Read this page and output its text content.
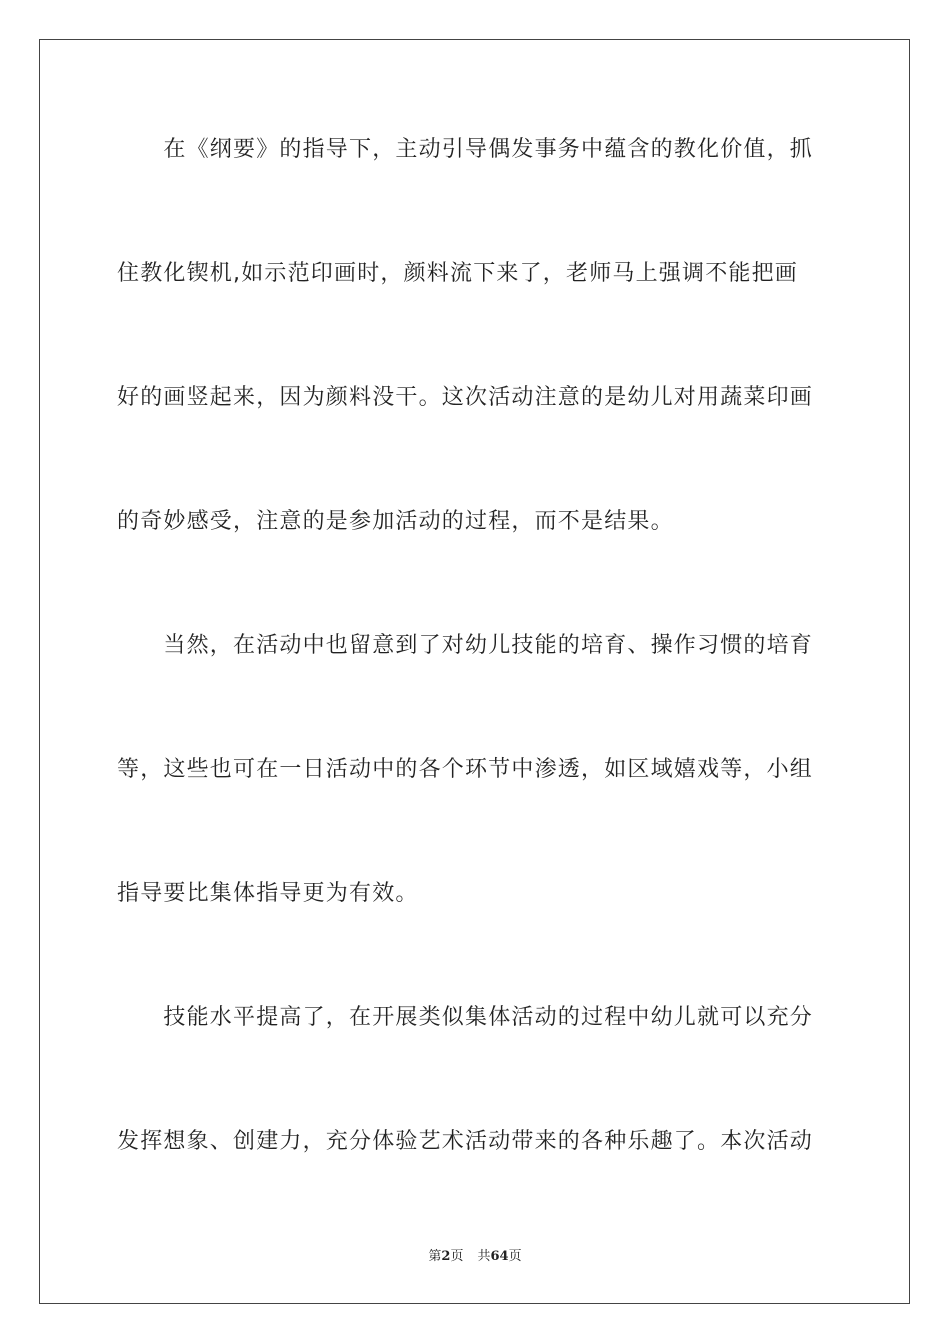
　　在《纲要》的指导下，主动引导偶发事务中蕴含的教化价值，抓
住教化锲机,如示范印画时，颜料流下来了，老师马上强调不能把画
好的画竖起来，因为颜料没干。这次活动注意的是幼儿对用蔬菜印画
的奇妙感受，注意的是参加活动的过程，而不是结果。
　　当然，在活动中也留意到了对幼儿技能的培育、操作习惯的培育
等，这些也可在一日活动中的各个环节中渗透，如区域嬉戏等，小组
指导要比集体指导更为有效。
　　技能水平提高了，在开展类似集体活动的过程中幼儿就可以充分
发挥想象、创建力，充分体验艺术活动带来的各种乐趣了。本次活动
第2页 共64页
